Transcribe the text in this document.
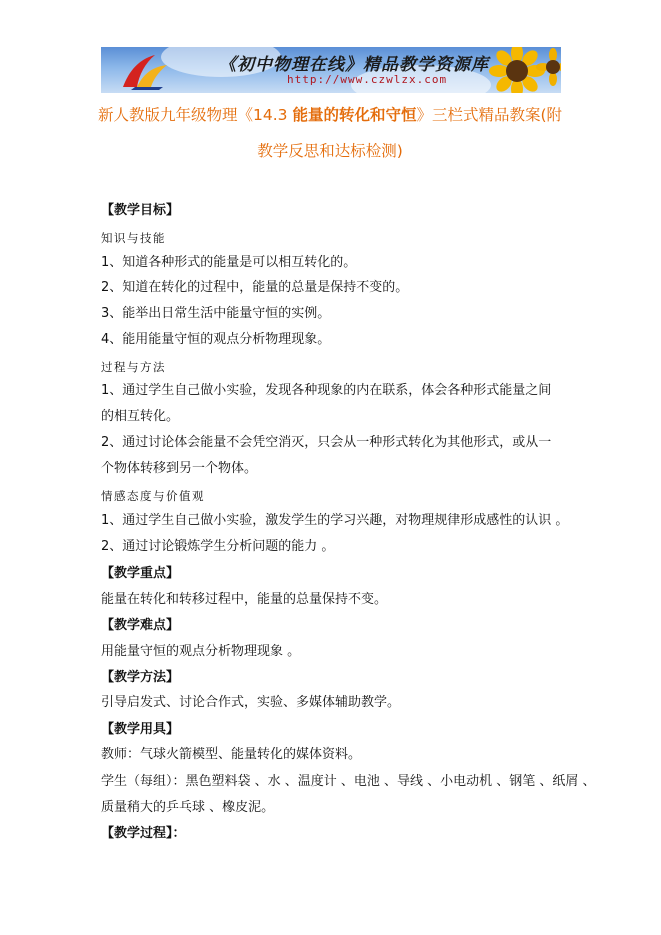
《初中物理在线》精品教学资源库
http://www.czwlzx.com
新人教版九年级物理《14.3 能量的转化和守恒》三栏式精品教案(附
教学反思和达标检测)
【教学目标】
知识与技能
1、知道各种形式的能量是可以相互转化的。
2、知道在转化的过程中，能量的总量是保持不变的。
3、能举出日常生活中能量守恒的实例。
4、能用能量守恒的观点分析物理现象。
过程与方法
1、通过学生自己做小实验，发现各种现象的内在联系，体会各种形式能量之间
的相互转化。
2、通过讨论体会能量不会凭空消灭，只会从一种形式转化为其他形式，或从一
个物体转移到另一个物体。
情感态度与价值观
1、通过学生自己做小实验，激发学生的学习兴趣，对物理规律形成感性的认识 。
2、通过讨论锻炼学生分析问题的能力 。
【教学重点】
能量在转化和转移过程中，能量的总量保持不变。
【教学难点】
用能量守恒的观点分析物理现象 。
【教学方法】
引导启发式、讨论合作式，实验、多媒体辅助教学。
【教学用具】
教师：气球火箭模型、能量转化的媒体资料。
学生（每组）：黑色塑料袋 、水 、温度计 、电池 、导线 、小电动机 、钢笔 、纸屑 、
质量稍大的乒乓球 、橡皮泥。
【教学过程】：
